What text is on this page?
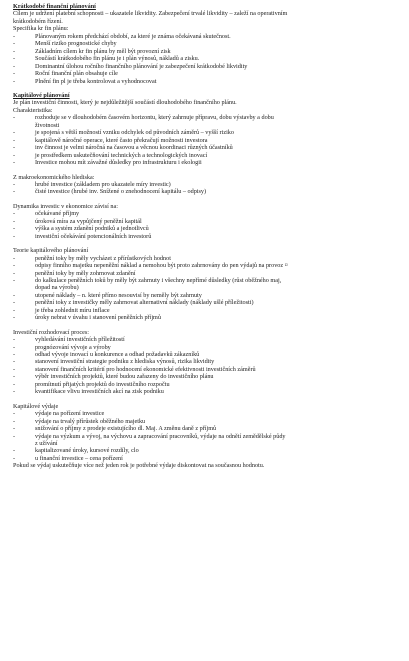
Krátkodobé finanční plánování
Cílem je udržení platební schopnosti – ukazatele likvidity. Zabezpečení trvalé likvidity – zaleží na operativním
krátkodobém řízení.
Specifika kr fin plánu:
-	Plánovaným rokem předchází období, za které je známa očekávaná skutečnost.
-	Menší riziko prognostické chyby
-	Základním cílem kr fin plánu by měl být provozní zisk
-	Součástí krátkodobého fin plánu je i plán výnosů, nákladů a zisku.
-	Dominantní úlohou ročního finančního plánování je zabezpečení krátkodobé likvidity
-	Roční finanční plán obsahuje cíle
-	Plnění fin pl je třeba kontrolovat a vyhodnocovat
Kapitálové plánování
Je plán investiční činnosti, který je nejdůležitější součástí dlouhodobého finančního plánu.
Charakteristika:
-	rozhoduje se v dlouhodobém časovém horizontu, který zahrnuje přípravu, dobu výstavby a dobu
životnosti
-	je spojená s větší možností vzniku odchylek od původních záměrů – vyšší riziko
-	kapitálově náročné operace, které často překračují možnosti investora
-	inv činnost je velmi náročná na časovou a věcnou koordinaci různých účastníků
-	je prostředkem uskutečňování technických a technologických inovací
-	Investice mohou mít závažné důsledky pro infrastrukturu i ekologii
Z makroekonomického hlediska:
-	hrubé investice (základem pro ukazatele míry investic)
-	čisté investice (hrubé inv. Snížené o znehodnocení kapitálu – odpisy)
Dynamika investic v ekonomice závisí na:
-	očekávané příjmy
-	úroková míra za vypůjčený peněžní kapitál
-	výška a systém zdanění podniků a jednotlivců
-	investiční očekávání potencionálních investorů
Teorie kapitálového plánování
-	peněžní toky by měly vycházet z přírůstkových hodnot
-	odpisy finního majetku nepeněžní náklad a nemohou být proto zahrnovány do pen výdajů na provoz ¤
-	peněžní toky by měly zohrnovat zdanění
-	do kalkulace peněžních toků by měly být zahrnuty i všechny nepřímé důsledky (růst oběžného maj,
dopad na výrobu)
-	utopené náklady – n. které přímo nesouvisí by neměly být zahrnuty
-	peněžní toky z investičky měly zahrnovat alternativní náklady (náklady ušlé příležitosti)
-	je třeba zohlednit míru inflace
-	úroky nebrat v úvahu i stanovení peněžních příjmů
Investiční rozhodovací proces:
-	vyhledávání investičních příležitostí
-	prognózování vývoje a výroby
-	odhad vývoje inovací u konkurence a odhad požadavků zákazníků
-	stanovení investiční strategie podniku z hlediska výnosů, rizika likvidity
-	stanovení finančních kritérií pro hodnocení ekonomické efektivnosti investičních záměrů
-	výběr investičních projektů, které budou zařazeny do investičního plánu
-	promítnutí přijatých projektů do investičního rozpočtu
-	kvantifikace vlivu investičních akcí na zisk podniku
Kapitálové výdaje
-	výdaje na pořízení investice
-	výdaje na trvalý přírůstek oběžného majetku
-	snižování o příjmy z prodeje existujícího dl. Maj. A změnu daně z příjmů
-	výdaje na výzkum a vývoj, na výchovu a zapracování pracovníků, výdaje na odnětí zemědělské půdy
z užívání
-	kapitalizované úroky, kursové rozdíly, clo
-	u finanční investice – cena pořízení
Pokud se výdaj uskutečňuje více než jeden rok je potřebné výdaje diskontovat na současnou hodnotu.
